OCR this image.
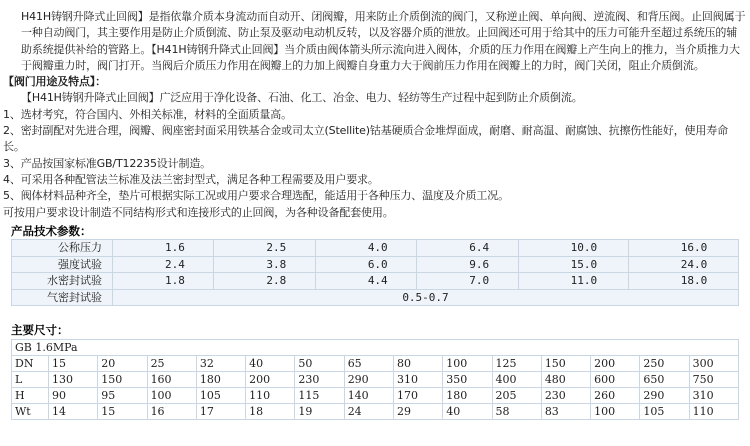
H41H铸钢升降式止回阀】是指依靠介质本身流动而自动开、闭阀瓣，用来防止介质倒流的阀门，又称逆止阀、单向阀、逆流阀、和背压阀。止回阀属于一种自动阀门，其主要作用是防止介质倒流、防止泵及驱动电动机反转，以及容器介质的泄放。止回阀还可用于给其中的压力可能升至超过系统压的辅助系统提供补给的管路上。【H41H铸钢升降式止回阀】当介质由阀体箭头所示流向进入阀体，介质的压力作用在阀瓣上产生向上的推力，当介质推力大于阀瓣重力时，阀门打开。当阀后介质压力作用在阀瓣上的力加上阀瓣自身重力大于阀前压力作用在阀瓣上的力时，阀门关闭，阻止介质倒流。

【阀门用途及特点】：

【H41H铸钢升降式止回阀】广泛应用于净化设备、石油、化工、冶金、电力、轻纺等生产过程中起到防止介质倒流。

1、选材考究，符合国内、外相关标准，材料的全面质量高。

2、密封副配对先进合理，阀瓣、阀座密封面采用铁基合金或司太立(Stellite)钴基硬质合金堆焊面成，耐磨、耐高温、耐腐蚀、抗擦伤性能好，使用寿命长。

3、产品按国家标准GB/T12235设计制造。

4、可采用各种配管法兰标准及法兰密封型式，满足各种工程需要及用户要求。

5、阀体材料品种齐全，垫片可根据实际工况或用户要求合理选配，能适用于各种压力、温度及介质工况。

可按用户要求设计制造不同结构形式和连接形式的止回阀，为各种设备配套使用。

产品技术参数：
公称压力	1.6	2.5	4.0	6.4	10.0	16.0
强度试验	2.4	3.8	6.0	9.6	15.0	24.0
水密封试验	1.8	2.8	4.4	7.0	11.0	18.0
气密封试验	0.5-0.7					
主要尺寸：
GB 1.6MPa														
DN	15	20	25	32	40	50	65	80	100	125	150	200	250	300
L	130	150	160	180	200	230	290	310	350	400	480	600	650	750
H	90	95	100	105	110	115	140	170	180	205	230	260	290	310
Wt	14	15	16	17	18	19	24	29	40	58	83	100	105	110
